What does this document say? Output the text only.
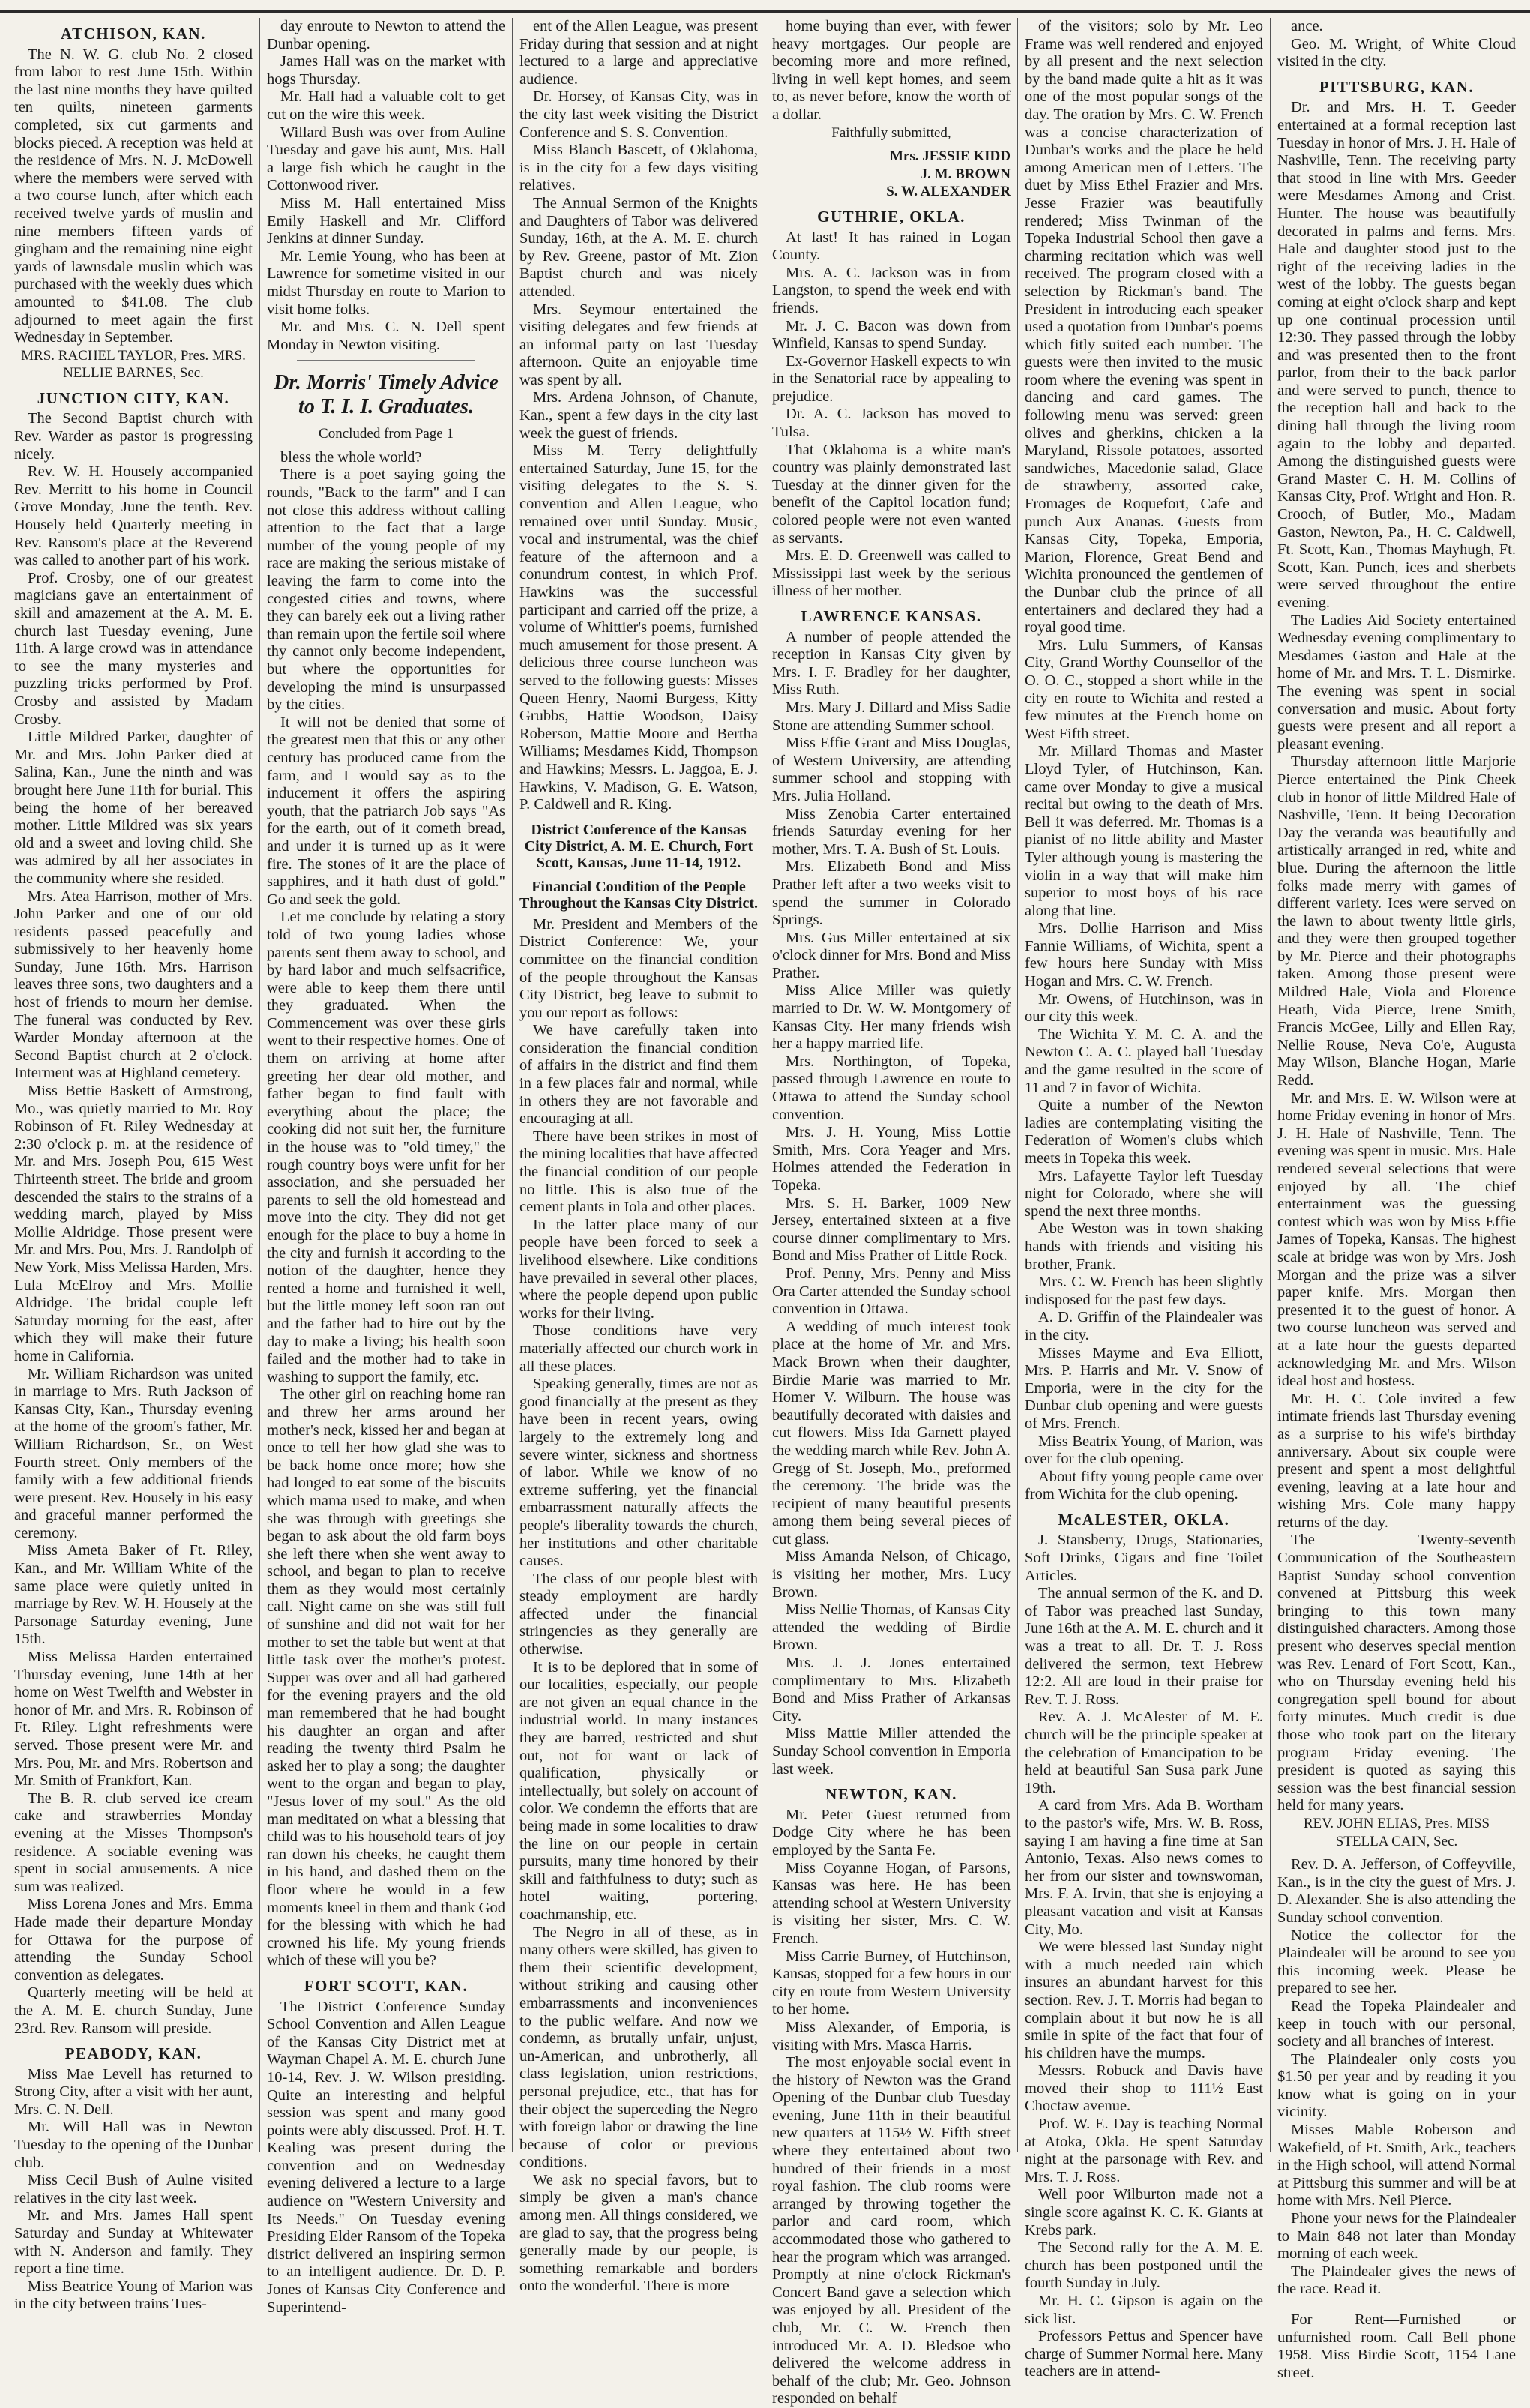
ATCHISON, KAN.

The N. W. G. club No. 2 closed from labor to rest June 15th. Within the last nine months they have quilted ten quilts, nineteen garments completed, six cut garments and blocks pieced. A reception was held at the residence of Mrs. N. J. McDowell where the members were served with a two course lunch, after which each received twelve yards of muslin and nine members fifteen yards of gingham and the remaining nine eight yards of lawnsdale muslin which was purchased with the weekly dues which amounted to $41.08. The club adjourned to meet again the first Wednesday in September.

MRS. RACHEL TAYLOR, Pres. MRS. NELLIE BARNES, Sec.

JUNCTION CITY, KAN.

The Second Baptist church with Rev. Warder as pastor is progressing nicely.

Rev. W. H. Housely accompanied Rev. Merritt to his home in Council Grove Monday, June the tenth. Rev. Housely held Quarterly meeting in Rev. Ransom's place at the Reverend was called to another part of his work.

Prof. Crosby, one of our greatest magicians gave an entertainment of skill and amazement at the A. M. E. church last Tuesday evening, June 11th. A large crowd was in attendance to see the many mysteries and puzzling tricks performed by Prof. Crosby and assisted by Madam Crosby.

Little Mildred Parker, daughter of Mr. and Mrs. John Parker died at Salina, Kan., June the ninth and was brought here June 11th for burial. This being the home of her bereaved mother. Little Mildred was six years old and a sweet and loving child. She was admired by all her associates in the community where she resided.

Mrs. Atea Harrison, mother of Mrs. John Parker and one of our old residents passed peacefully and submissively to her heavenly home Sunday, June 16th. Mrs. Harrison leaves three sons, two daughters and a host of friends to mourn her demise. The funeral was conducted by Rev. Warder Monday afternoon at the Second Baptist church at 2 o'clock. Interment was at Highland cemetery.

Miss Bettie Baskett of Armstrong, Mo., was quietly married to Mr. Roy Robinson of Ft. Riley Wednesday at 2:30 o'clock p. m. at the residence of Mr. and Mrs. Joseph Pou, 615 West Thirteenth street. The bride and groom descended the stairs to the strains of a wedding march, played by Miss Mollie Aldridge. Those present were Mr. and Mrs. Pou, Mrs. J. Randolph of New York, Miss Melissa Harden, Mrs. Lula McElroy and Mrs. Mollie Aldridge. The bridal couple left Saturday morning for the east, after which they will make their future home in California.

Mr. William Richardson was united in marriage to Mrs. Ruth Jackson of Kansas City, Kan., Thursday evening at the home of the groom's father, Mr. William Richardson, Sr., on West Fourth street. Only members of the family with a few additional friends were present. Rev. Housely in his easy and graceful manner performed the ceremony.

Miss Ameta Baker of Ft. Riley, Kan., and Mr. William White of the same place were quietly united in marriage by Rev. W. H. Housely at the Parsonage Saturday evening, June 15th.

Miss Melissa Harden entertained Thursday evening, June 14th at her home on West Twelfth and Webster in honor of Mr. and Mrs. R. Robinson of Ft. Riley. Light refreshments were served. Those present were Mr. and Mrs. Pou, Mr. and Mrs. Robertson and Mr. Smith of Frankfort, Kan.

The B. R. club served ice cream cake and strawberries Monday evening at the Misses Thompson's residence. A sociable evening was spent in social amusements. A nice sum was realized.

Miss Lorena Jones and Mrs. Emma Hade made their departure Monday for Ottawa for the purpose of attending the Sunday School convention as delegates.

Quarterly meeting will be held at the A. M. E. church Sunday, June 23rd. Rev. Ransom will preside.

PEABODY, KAN.

Miss Mae Levell has returned to Strong City, after a visit with her aunt, Mrs. C. N. Dell.

Mr. Will Hall was in Newton Tuesday to the opening of the Dunbar club.

Miss Cecil Bush of Aulne visited relatives in the city last week.

Mr. and Mrs. James Hall spent Saturday and Sunday at Whitewater with N. Anderson and family. They report a fine time.

Miss Beatrice Young of Marion was in the city between trains Tues-

day enroute to Newton to attend the Dunbar opening.

James Hall was on the market with hogs Thursday.

Mr. Hall had a valuable colt to get cut on the wire this week.

Willard Bush was over from Auline Tuesday and gave his aunt, Mrs. Hall a large fish which he caught in the Cottonwood river.

Miss M. Hall entertained Miss Emily Haskell and Mr. Clifford Jenkins at dinner Sunday.

Mr. Lemie Young, who has been at Lawrence for sometime visited in our midst Thursday en route to Marion to visit home folks.

Mr. and Mrs. C. N. Dell spent Monday in Newton visiting.

Dr. Morris' Timely Advice to T. I. I. Graduates.

Concluded from Page 1

bless the whole world?

There is a poet saying going the rounds, "Back to the farm" and I can not close this address without calling attention to the fact that a large number of the young people of my race are making the serious mistake of leaving the farm to come into the congested cities and towns, where they can barely eek out a living rather than remain upon the fertile soil where thy cannot only become independent, but where the opportunities for developing the mind is unsurpassed by the cities.

It will not be denied that some of the greatest men that this or any other century has produced came from the farm, and I would say as to the inducement it offers the aspiring youth, that the patriarch Job says "As for the earth, out of it cometh bread, and under it is turned up as it were fire. The stones of it are the place of sapphires, and it hath dust of gold." Go and seek the gold.

Let me conclude by relating a story told of two young ladies whose parents sent them away to school, and by hard labor and much selfsacrifice, were able to keep them there until they graduated. When the Commencement was over these girls went to their respective homes. One of them on arriving at home after greeting her dear old mother, and father began to find fault with everything about the place; the cooking did not suit her, the furniture in the house was to "old timey," the rough country boys were unfit for her association, and she persuaded her parents to sell the old homestead and move into the city. They did not get enough for the place to buy a home in the city and furnish it according to the notion of the daughter, hence they rented a home and furnished it well, but the little money left soon ran out and the father had to hire out by the day to make a living; his health soon failed and the mother had to take in washing to support the family, etc.

The other girl on reaching home ran and threw her arms around her mother's neck, kissed her and began at once to tell her how glad she was to be back home once more; how she had longed to eat some of the biscuits which mama used to make, and when she was through with greetings she began to ask about the old farm boys she left there when she went away to school, and began to plan to receive them as they would most certainly call. Night came on she was still full of sunshine and did not wait for her mother to set the table but went at that little task over the mother's protest. Supper was over and all had gathered for the evening prayers and the old man remembered that he had bought his daughter an organ and after reading the twenty third Psalm he asked her to play a song; the daughter went to the organ and began to play, "Jesus lover of my soul." As the old man meditated on what a blessing that child was to his household tears of joy ran down his cheeks, he caught them in his hand, and dashed them on the floor where he would in a few moments kneel in them and thank God for the blessing with which he had crowned his life. My young friends which of these will you be?

FORT SCOTT, KAN.

The District Conference Sunday School Convention and Allen League of the Kansas City District met at Wayman Chapel A. M. E. church June 10-14, Rev. J. W. Wilson presiding. Quite an interesting and helpful session was spent and many good points were ably discussed. Prof. H. T. Kealing was present during the convention and on Wednesday evening delivered a lecture to a large audience on "Western University and Its Needs." On Tuesday evening Presiding Elder Ransom of the Topeka district delivered an inspiring sermon to an intelligent audience. Dr. D. P. Jones of Kansas City Conference and Superintend-

ent of the Allen League, was present Friday during that session and at night lectured to a large and appreciative audience.

Dr. Horsey, of Kansas City, was in the city last week visiting the District Conference and S. S. Convention.

Miss Blanch Bascett, of Oklahoma, is in the city for a few days visiting relatives.

The Annual Sermon of the Knights and Daughters of Tabor was delivered Sunday, 16th, at the A. M. E. church by Rev. Greene, pastor of Mt. Zion Baptist church and was nicely attended.

Mrs. Seymour entertained the visiting delegates and few friends at an informal party on last Tuesday afternoon. Quite an enjoyable time was spent by all.

Mrs. Ardena Johnson, of Chanute, Kan., spent a few days in the city last week the guest of friends.

Miss M. Terry delightfully entertained Saturday, June 15, for the visiting delegates to the S. S. convention and Allen League, who remained over until Sunday. Music, vocal and instrumental, was the chief feature of the afternoon and a conundrum contest, in which Prof. Hawkins was the successful participant and carried off the prize, a volume of Whittier's poems, furnished much amusement for those present. A delicious three course luncheon was served to the following guests: Misses Queen Henry, Naomi Burgess, Kitty Grubbs, Hattie Woodson, Daisy Roberson, Mattie Moore and Bertha Williams; Mesdames Kidd, Thompson and Hawkins; Messrs. L. Jaggoa, E. J. Hawkins, V. Madison, G. E. Watson, P. Caldwell and R. King.

District Conference of the Kansas City District, A. M. E. Church, Fort Scott, Kansas, June 11-14, 1912.
Financial Condition of the People Throughout the Kansas City District.

Mr. President and Members of the District Conference: We, your committee on the financial condition of the people throughout the Kansas City District, beg leave to submit to you our report as follows:

We have carefully taken into consideration the financial condition of affairs in the district and find them in a few places fair and normal, while in others they are not favorable and encouraging at all.

There have been strikes in most of the mining localities that have affected the financial condition of our people no little. This is also true of the cement plants in Iola and other places.

In the latter place many of our people have been forced to seek a livelihood elsewhere. Like conditions have prevailed in several other places, where the people depend upon public works for their living.

Those conditions have very materially affected our church work in all these places.

Speaking generally, times are not as good financially at the present as they have been in recent years, owing largely to the extremely long and severe winter, sickness and shortness of labor. While we know of no extreme suffering, yet the financial embarrassment naturally affects the people's liberality towards the church, her institutions and other charitable causes.

The class of our people blest with steady employment are hardly affected under the financial stringencies as they generally are otherwise.

It is to be deplored that in some of our localities, especially, our people are not given an equal chance in the industrial world. In many instances they are barred, restricted and shut out, not for want or lack of qualification, physically or intellectually, but solely on account of color. We condemn the efforts that are being made in some localities to draw the line on our people in certain pursuits, many time honored by their skill and faithfulness to duty; such as hotel waiting, portering, coachmanship, etc.

The Negro in all of these, as in many others were skilled, has given to them their scientific development, without striking and causing other embarrassments and inconveniences to the public welfare. And now we condemn, as brutally unfair, unjust, un-American, and unbrotherly, all class legislation, union restrictions, personal prejudice, etc., that has for their object the superceding the Negro with foreign labor or drawing the line because of color or previous conditions.

We ask no special favors, but to simply be given a man's chance among men. All things considered, we are glad to say, that the progress being generally made by our people, is something remarkable and borders onto the wonderful. There is more

home buying than ever, with fewer heavy mortgages. Our people are becoming more and more refined, living in well kept homes, and seem to, as never before, know the worth of a dollar.

Faithfully submitted,

Mrs. JESSIE KIDD

J. M. BROWN

S. W. ALEXANDER

GUTHRIE, OKLA.

At last! It has rained in Logan County.

Mrs. A. C. Jackson was in from Langston, to spend the week end with friends.

Mr. J. C. Bacon was down from Winfield, Kansas to spend Sunday.

Ex-Governor Haskell expects to win in the Senatorial race by appealing to prejudice.

Dr. A. C. Jackson has moved to Tulsa.

That Oklahoma is a white man's country was plainly demonstrated last Tuesday at the dinner given for the benefit of the Capitol location fund; colored people were not even wanted as servants.

Mrs. E. D. Greenwell was called to Mississippi last week by the serious illness of her mother.

LAWRENCE KANSAS.

A number of people attended the reception in Kansas City given by Mrs. I. F. Bradley for her daughter, Miss Ruth.

Mrs. Mary J. Dillard and Miss Sadie Stone are attending Summer school.

Miss Effie Grant and Miss Douglas, of Western University, are attending summer school and stopping with Mrs. Julia Holland.

Miss Zenobia Carter entertained friends Saturday evening for her mother, Mrs. T. A. Bush of St. Louis.

Mrs. Elizabeth Bond and Miss Prather left after a two weeks visit to spend the summer in Colorado Springs.

Mrs. Gus Miller entertained at six o'clock dinner for Mrs. Bond and Miss Prather.

Miss Alice Miller was quietly married to Dr. W. W. Montgomery of Kansas City. Her many friends wish her a happy married life.

Mrs. Northington, of Topeka, passed through Lawrence en route to Ottawa to attend the Sunday school convention.

Mrs. J. H. Young, Miss Lottie Smith, Mrs. Cora Yeager and Mrs. Holmes attended the Federation in Topeka.

Mrs. S. H. Barker, 1009 New Jersey, entertained sixteen at a five course dinner complimentary to Mrs. Bond and Miss Prather of Little Rock.

Prof. Penny, Mrs. Penny and Miss Ora Carter attended the Sunday school convention in Ottawa.

A wedding of much interest took place at the home of Mr. and Mrs. Mack Brown when their daughter, Birdie Marie was married to Mr. Homer V. Wilburn. The house was beautifully decorated with daisies and cut flowers. Miss Ida Garnett played the wedding march while Rev. John A. Gregg of St. Joseph, Mo., preformed the ceremony. The bride was the recipient of many beautiful presents among them being several pieces of cut glass.

Miss Amanda Nelson, of Chicago, is visiting her mother, Mrs. Lucy Brown.

Miss Nellie Thomas, of Kansas City attended the wedding of Birdie Brown.

Mrs. J. J. Jones entertained complimentary to Mrs. Elizabeth Bond and Miss Prather of Arkansas City.

Miss Mattie Miller attended the Sunday School convention in Emporia last week.

NEWTON, KAN.

Mr. Peter Guest returned from Dodge City where he has been employed by the Santa Fe.

Miss Coyanne Hogan, of Parsons, Kansas was here. He has been attending school at Western University is visiting her sister, Mrs. C. W. French.

Miss Carrie Burney, of Hutchinson, Kansas, stopped for a few hours in our city en route from Western University to her home.

Miss Alexander, of Emporia, is visiting with Mrs. Masca Harris.

The most enjoyable social event in the history of Newton was the Grand Opening of the Dunbar club Tuesday evening, June 11th in their beautiful new quarters at 115½ W. Fifth street where they entertained about two hundred of their friends in a most royal fashion. The club rooms were arranged by throwing together the parlor and card room, which accommodated those who gathered to hear the program which was arranged. Promptly at nine o'clock Rickman's Concert Band gave a selection which was enjoyed by all. President of the club, Mr. C. W. French then introduced Mr. A. D. Bledsoe who delivered the welcome address in behalf of the club; Mr. Geo. Johnson responded on behalf

of the visitors; solo by Mr. Leo Frame was well rendered and enjoyed by all present and the next selection by the band made quite a hit as it was one of the most popular songs of the day. The oration by Mrs. C. W. French was a concise characterization of Dunbar's works and the place he held among American men of Letters. The duet by Miss Ethel Frazier and Mrs. Jesse Frazier was beautifully rendered; Miss Twinman of the Topeka Industrial School then gave a charming recitation which was well received. The program closed with a selection by Rickman's band. The President in introducing each speaker used a quotation from Dunbar's poems which fitly suited each number. The guests were then invited to the music room where the evening was spent in dancing and card games. The following menu was served: green olives and gherkins, chicken a la Maryland, Rissole potatoes, assorted sandwiches, Macedonie salad, Glace de strawberry, assorted cake, Fromages de Roquefort, Cafe and punch Aux Ananas. Guests from Kansas City, Topeka, Emporia, Marion, Florence, Great Bend and Wichita pronounced the gentlemen of the Dunbar club the prince of all entertainers and declared they had a royal good time.

Mrs. Lulu Summers, of Kansas City, Grand Worthy Counsellor of the O. O. C., stopped a short while in the city en route to Wichita and rested a few minutes at the French home on West Fifth street.

Mr. Millard Thomas and Master Lloyd Tyler, of Hutchinson, Kan. came over Monday to give a musical recital but owing to the death of Mrs. Bell it was deferred. Mr. Thomas is a pianist of no little ability and Master Tyler although young is mastering the violin in a way that will make him superior to most boys of his race along that line.

Mrs. Dollie Harrison and Miss Fannie Williams, of Wichita, spent a few hours here Sunday with Miss Hogan and Mrs. C. W. French.

Mr. Owens, of Hutchinson, was in our city this week.

The Wichita Y. M. C. A. and the Newton C. A. C. played ball Tuesday and the game resulted in the score of 11 and 7 in favor of Wichita.

Quite a number of the Newton ladies are contemplating visiting the Federation of Women's clubs which meets in Topeka this week.

Mrs. Lafayette Taylor left Tuesday night for Colorado, where she will spend the next three months.

Abe Weston was in town shaking hands with friends and visiting his brother, Frank.

Mrs. C. W. French has been slightly indisposed for the past few days.

A. D. Griffin of the Plaindealer was in the city.

Misses Mayme and Eva Elliott, Mrs. P. Harris and Mr. V. Snow of Emporia, were in the city for the Dunbar club opening and were guests of Mrs. French.

Miss Beatrix Young, of Marion, was over for the club opening.

About fifty young people came over from Wichita for the club opening.

McALESTER, OKLA.

J. Stansberry, Drugs, Stationaries, Soft Drinks, Cigars and fine Toilet Articles.

The annual sermon of the K. and D. of Tabor was preached last Sunday, June 16th at the A. M. E. church and it was a treat to all. Dr. T. J. Ross delivered the sermon, text Hebrew 12:2. All are loud in their praise for Rev. T. J. Ross.

Rev. A. J. McAlester of M. E. church will be the principle speaker at the celebration of Emancipation to be held at beautiful San Susa park June 19th.

A card from Mrs. Ada B. Wortham to the pastor's wife, Mrs. W. B. Ross, saying I am having a fine time at San Antonio, Texas. Also news comes to her from our sister and townswoman, Mrs. F. A. Irvin, that she is enjoying a pleasant vacation and visit at Kansas City, Mo.

We were blessed last Sunday night with a much needed rain which insures an abundant harvest for this section. Rev. J. T. Morris had began to complain about it but now he is all smile in spite of the fact that four of his children have the mumps.

Messrs. Robuck and Davis have moved their shop to 111½ East Choctaw avenue.

Prof. W. E. Day is teaching Normal at Atoka, Okla. He spent Saturday night at the parsonage with Rev. and Mrs. T. J. Ross.

Well poor Wilburton made not a single score against K. C. K. Giants at Krebs park.

The Second rally for the A. M. E. church has been postponed until the fourth Sunday in July.

Mr. H. C. Gipson is again on the sick list.

Professors Pettus and Spencer have charge of Summer Normal here. Many teachers are in attend-

ance.

Geo. M. Wright, of White Cloud visited in the city.

PITTSBURG, KAN.

Dr. and Mrs. H. T. Geeder entertained at a formal reception last Tuesday in honor of Mrs. J. H. Hale of Nashville, Tenn. The receiving party that stood in line with Mrs. Geeder were Mesdames Among and Crist. Hunter. The house was beautifully decorated in palms and ferns. Mrs. Hale and daughter stood just to the right of the receiving ladies in the west of the lobby. The guests began coming at eight o'clock sharp and kept up one continual procession until 12:30. They passed through the lobby and was presented then to the front parlor, from their to the back parlor and were served to punch, thence to the reception hall and back to the dining hall through the living room again to the lobby and departed. Among the distinguished guests were Grand Master C. H. M. Collins of Kansas City, Prof. Wright and Hon. R. Crooch, of Butler, Mo., Madam Gaston, Newton, Pa., H. C. Caldwell, Ft. Scott, Kan., Thomas Mayhugh, Ft. Scott, Kan. Punch, ices and sherbets were served throughout the entire evening.

The Ladies Aid Society entertained Wednesday evening complimentary to Mesdames Gaston and Hale at the home of Mr. and Mrs. T. L. Dismirke. The evening was spent in social conversation and music. About forty guests were present and all report a pleasant evening.

Thursday afternoon little Marjorie Pierce entertained the Pink Cheek club in honor of little Mildred Hale of Nashville, Tenn. It being Decoration Day the veranda was beautifully and artistically arranged in red, white and blue. During the afternoon the little folks made merry with games of different variety. Ices were served on the lawn to about twenty little girls, and they were then grouped together by Mr. Pierce and their photographs taken. Among those present were Mildred Hale, Viola and Florence Heath, Vida Pierce, Irene Smith, Francis McGee, Lilly and Ellen Ray, Nellie Rouse, Neva Co'e, Augusta May Wilson, Blanche Hogan, Marie Redd.

Mr. and Mrs. E. W. Wilson were at home Friday evening in honor of Mrs. J. H. Hale of Nashville, Tenn. The evening was spent in music. Mrs. Hale rendered several selections that were enjoyed by all. The chief entertainment was the guessing contest which was won by Miss Effie James of Topeka, Kansas. The highest scale at bridge was won by Mrs. Josh Morgan and the prize was a silver paper knife. Mrs. Morgan then presented it to the guest of honor. A two course luncheon was served and at a late hour the guests departed acknowledging Mr. and Mrs. Wilson ideal host and hostess.

Mr. H. C. Cole invited a few intimate friends last Thursday evening as a surprise to his wife's birthday anniversary. About six couple were present and spent a most delightful evening, leaving at a late hour and wishing Mrs. Cole many happy returns of the day.

The Twenty-seventh Communication of the Southeastern Baptist Sunday school convention convened at Pittsburg this week bringing to this town many distinguished characters. Among those present who deserves special mention was Rev. Lenard of Fort Scott, Kan., who on Thursday evening held his congregation spell bound for about forty minutes. Much credit is due those who took part on the literary program Friday evening. The president is quoted as saying this session was the best financial session held for many years.

REV. JOHN ELIAS, Pres. MISS STELLA CAIN, Sec.

Rev. D. A. Jefferson, of Coffeyville, Kan., is in the city the guest of Mrs. J. D. Alexander. She is also attending the Sunday school convention.

Notice the collector for the Plaindealer will be around to see you this incoming week. Please be prepared to see her.

Read the Topeka Plaindealer and keep in touch with our personal, society and all branches of interest.

The Plaindealer only costs you $1.50 per year and by reading it you know what is going on in your vicinity.

Misses Mable Roberson and Wakefield, of Ft. Smith, Ark., teachers in the High school, will attend Normal at Pittsburg this summer and will be at home with Mrs. Neil Pierce.

Phone your news for the Plaindealer to Main 848 not later than Monday morning of each week.

The Plaindealer gives the news of the race. Read it.

For Rent—Furnished or unfurnished room. Call Bell phone 1958. Miss Birdie Scott, 1154 Lane street.
